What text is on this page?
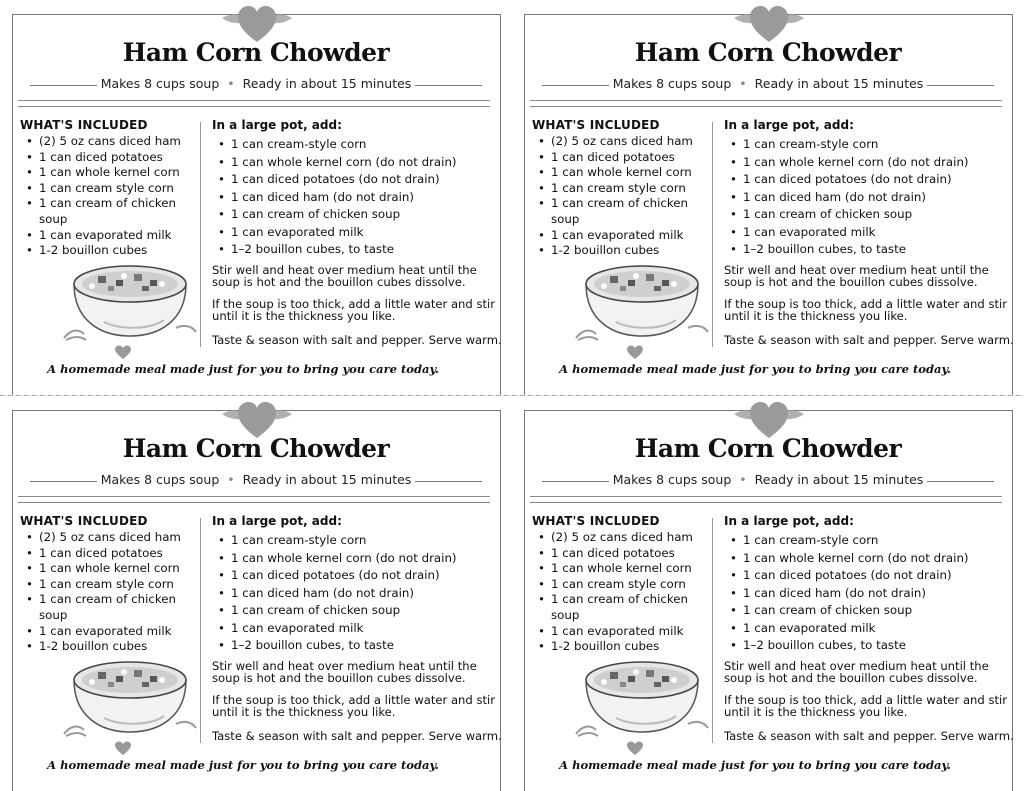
Ham Corn Chowder
Makes 8 cups soup • Ready in about 15 minutes
WHAT'S INCLUDED
• (2) 5 oz cans diced ham
• 1 can diced potatoes
• 1 can whole kernel corn
• 1 can cream style corn
• 1 can cream of chicken soup
• 1 can evaporated milk
• 1-2 bouillon cubes
In a large pot, add:
• 1 can cream-style corn
• 1 can whole kernel corn (do not drain)
• 1 can diced potatoes (do not drain)
• 1 can diced ham (do not drain)
• 1 can cream of chicken soup
• 1 can evaporated milk
• 1–2 bouillon cubes, to taste
Stir well and heat over medium heat until the soup is hot and the bouillon cubes dissolve.
If the soup is too thick, add a little water and stir until it is the thickness you like.
Taste & season with salt and pepper. Serve warm.
A homemade meal made just for you to bring you care today.
Ham Corn Chowder
Makes 8 cups soup • Ready in about 15 minutes
WHAT'S INCLUDED
• (2) 5 oz cans diced ham
• 1 can diced potatoes
• 1 can whole kernel corn
• 1 can cream style corn
• 1 can cream of chicken soup
• 1 can evaporated milk
• 1-2 bouillon cubes
In a large pot, add:
• 1 can cream-style corn
• 1 can whole kernel corn (do not drain)
• 1 can diced potatoes (do not drain)
• 1 can diced ham (do not drain)
• 1 can cream of chicken soup
• 1 can evaporated milk
• 1–2 bouillon cubes, to taste
Stir well and heat over medium heat until the soup is hot and the bouillon cubes dissolve.
If the soup is too thick, add a little water and stir until it is the thickness you like.
Taste & season with salt and pepper. Serve warm.
A homemade meal made just for you to bring you care today.
Ham Corn Chowder
Makes 8 cups soup • Ready in about 15 minutes
WHAT'S INCLUDED
• (2) 5 oz cans diced ham
• 1 can diced potatoes
• 1 can whole kernel corn
• 1 can cream style corn
• 1 can cream of chicken soup
• 1 can evaporated milk
• 1-2 bouillon cubes
In a large pot, add:
• 1 can cream-style corn
• 1 can whole kernel corn (do not drain)
• 1 can diced potatoes (do not drain)
• 1 can diced ham (do not drain)
• 1 can cream of chicken soup
• 1 can evaporated milk
• 1–2 bouillon cubes, to taste
Stir well and heat over medium heat until the soup is hot and the bouillon cubes dissolve.
If the soup is too thick, add a little water and stir until it is the thickness you like.
Taste & season with salt and pepper. Serve warm.
A homemade meal made just for you to bring you care today.
Ham Corn Chowder
Makes 8 cups soup • Ready in about 15 minutes
WHAT'S INCLUDED
• (2) 5 oz cans diced ham
• 1 can diced potatoes
• 1 can whole kernel corn
• 1 can cream style corn
• 1 can cream of chicken soup
• 1 can evaporated milk
• 1-2 bouillon cubes
In a large pot, add:
• 1 can cream-style corn
• 1 can whole kernel corn (do not drain)
• 1 can diced potatoes (do not drain)
• 1 can diced ham (do not drain)
• 1 can cream of chicken soup
• 1 can evaporated milk
• 1–2 bouillon cubes, to taste
Stir well and heat over medium heat until the soup is hot and the bouillon cubes dissolve.
If the soup is too thick, add a little water and stir until it is the thickness you like.
Taste & season with salt and pepper. Serve warm.
A homemade meal made just for you to bring you care today.
